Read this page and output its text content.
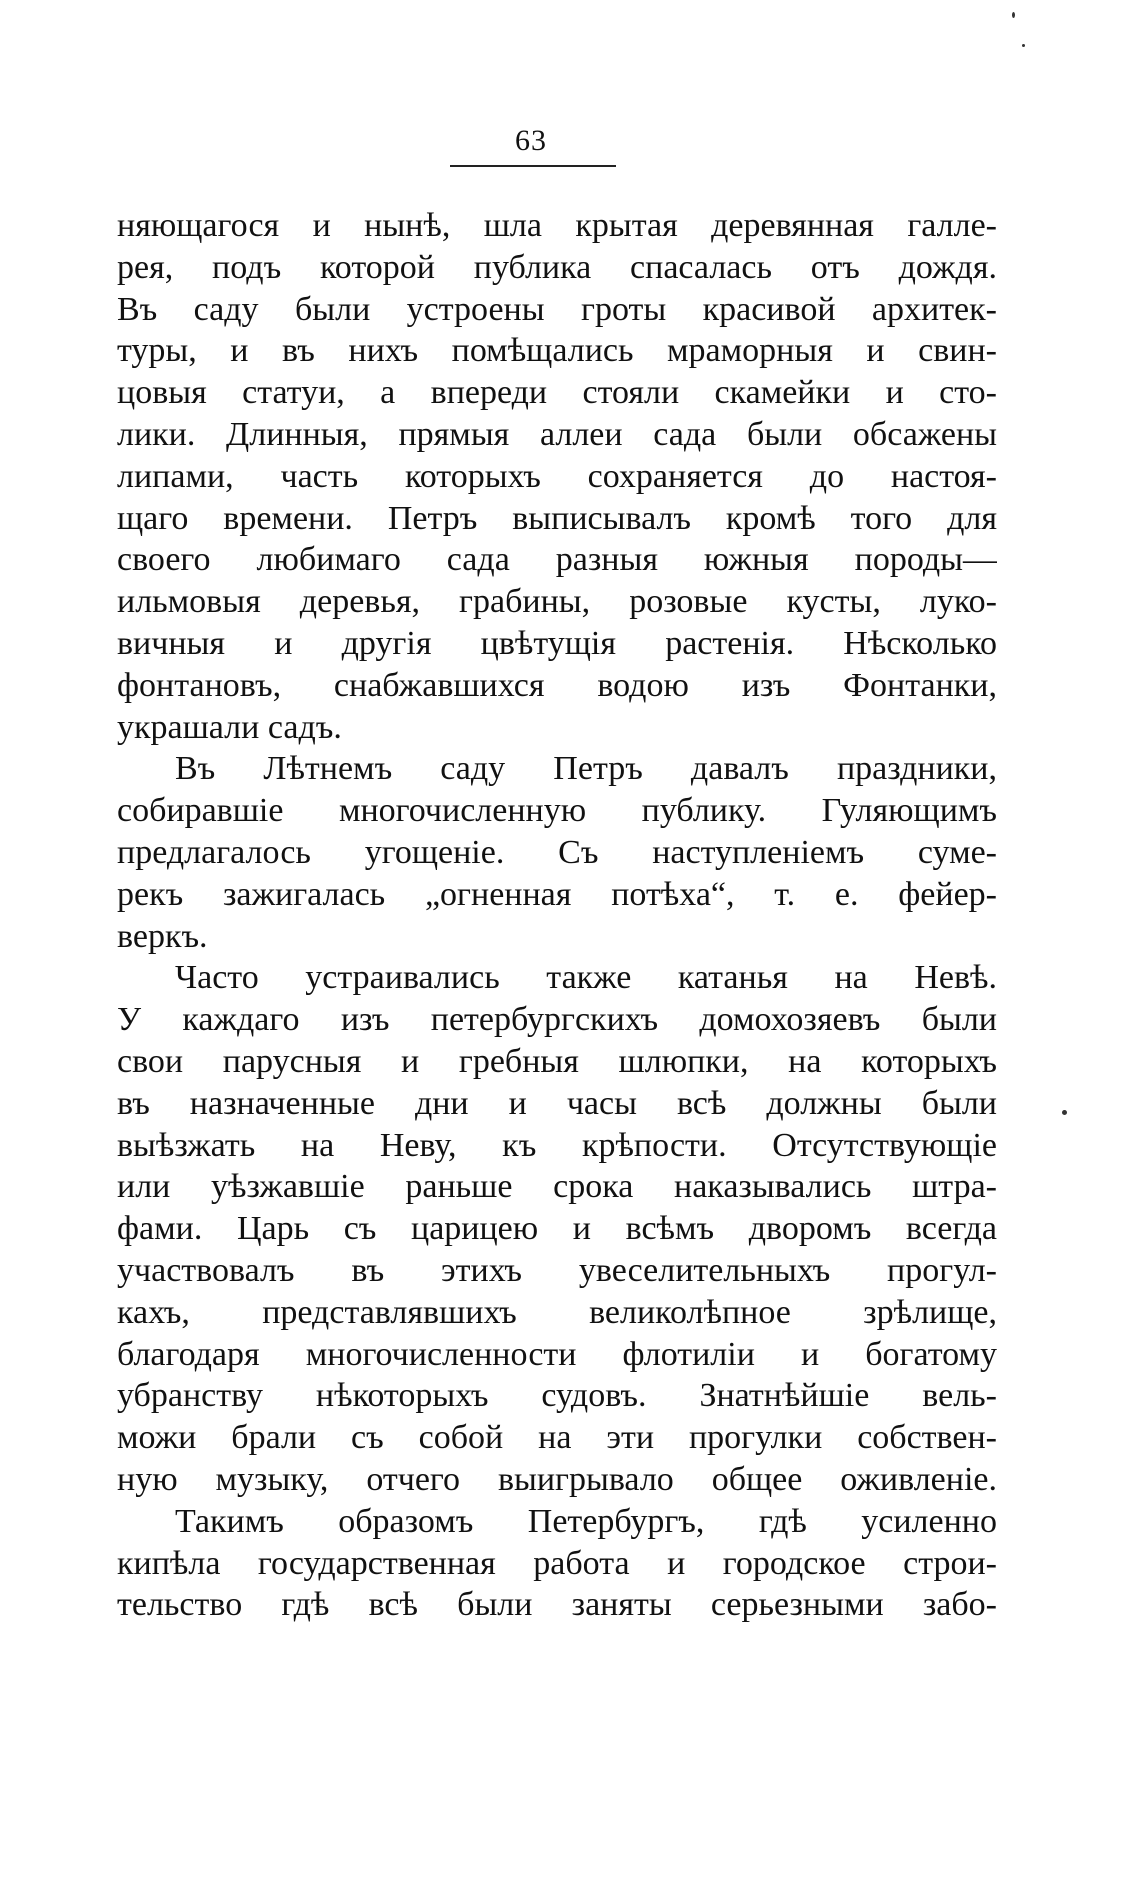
63
няющагося и нынѣ, шла крытая деревянная галле-
рея, подъ которой публика спасалась отъ дождя.
Въ саду были устроены гроты красивой архитек-
туры, и въ нихъ помѣщались мраморныя и свин-
цовыя статуи, а впереди стояли скамейки и сто-
лики. Длинныя, прямыя аллеи сада были обсажены
липами, часть которыхъ сохраняется до настоя-
щаго времени. Петръ выписывалъ кромѣ того для
своего любимаго сада разныя южныя породы—
ильмовыя деревья, грабины, розовые кусты, луко-
вичныя и другія цвѣтущія растенія. Нѣсколько
фонтановъ, снабжавшихся водою изъ Фонтанки,
украшали садъ.
Въ Лѣтнемъ саду Петръ давалъ праздники,
собиравшіе многочисленную публику. Гуляющимъ
предлагалось угощеніе. Съ наступленіемъ суме-
рекъ зажигалась „огненная потѣха“, т. е. фейер-
веркъ.
Часто устраивались также катанья на Невѣ.
У каждаго изъ петербургскихъ домохозяевъ были
свои парусныя и гребныя шлюпки, на которыхъ
въ назначенные дни и часы всѣ должны были
выѣзжать на Неву, къ крѣпости. Отсутствующіе
или уѣзжавшіе раньше срока наказывались штра-
фами. Царь съ царицею и всѣмъ дворомъ всегда
участвовалъ въ этихъ увеселительныхъ прогул-
кахъ, представлявшихъ великолѣпное зрѣлище,
благодаря многочисленности флотиліи и богатому
убранству нѣкоторыхъ судовъ. Знатнѣйшіе вель-
можи брали съ собой на эти прогулки собствен-
ную музыку, отчего выигрывало общее оживленіе.
Такимъ образомъ Петербургъ, гдѣ усиленно
кипѣла государственная работа и городское строи-
тельство гдѣ всѣ были заняты серьезными забо-
